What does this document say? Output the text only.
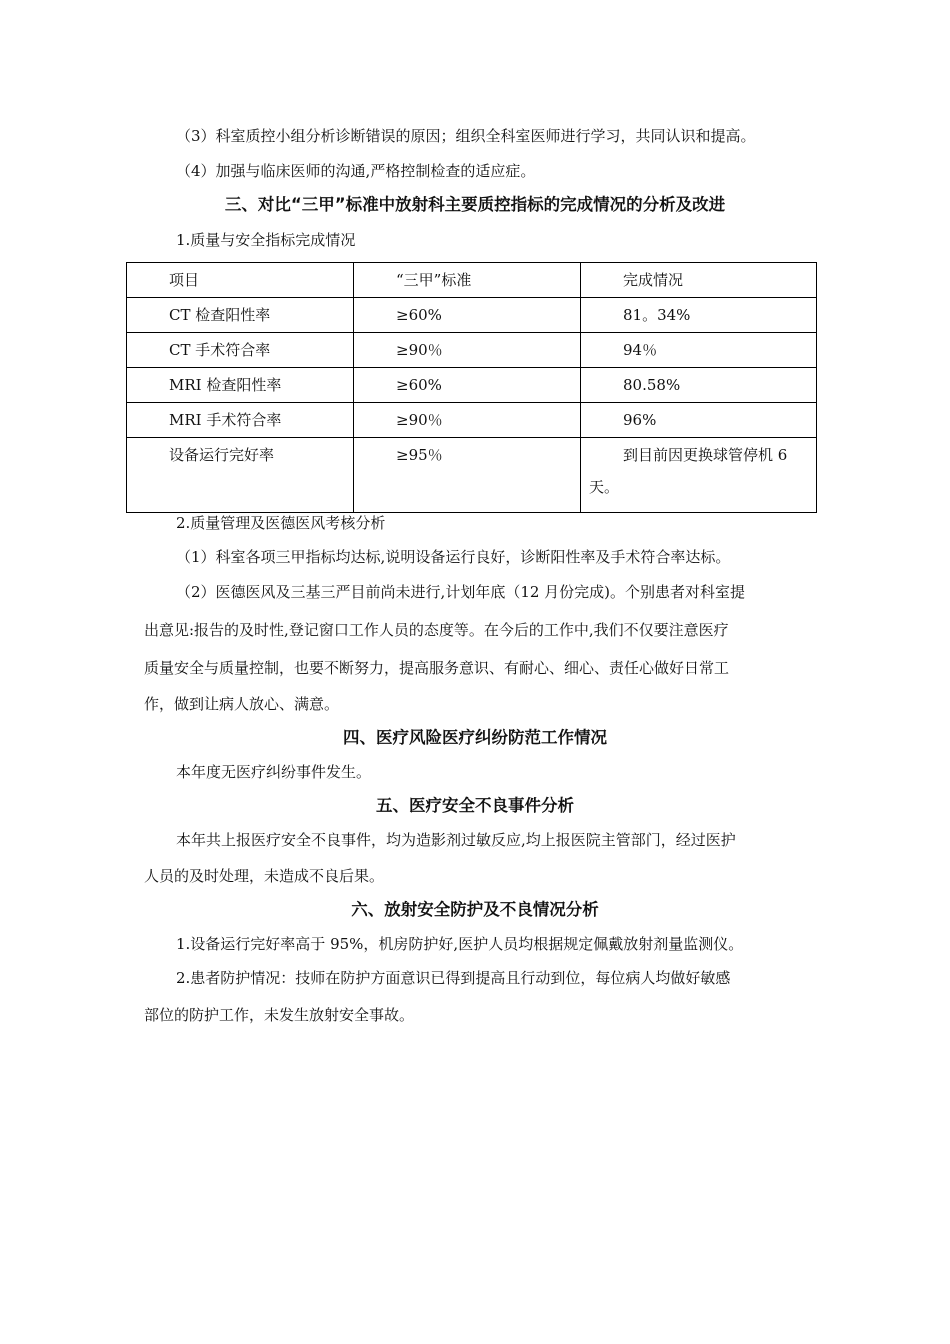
（3）科室质控小组分析诊断错误的原因；组织全科室医师进行学习，共同认识和提高。
（4）加强与临床医师的沟通,严格控制检查的适应症。
三、对比“三甲”标准中放射科主要质控指标的完成情况的分析及改进
1.质量与安全指标完成情况
项目	“三甲”标准	完成情况

CT 检查阳性率	≥60%	81。34%

CT 手术符合率	≥90％	94％

MRI 检查阳性率	≥60%	80.58%

MRI 手术符合率	≥90％	96%

设备运行完好率	≥95％	到目前因更换球管停机 6
天。
2.质量管理及医德医风考核分析
（1）科室各项三甲指标均达标,说明设备运行良好，诊断阳性率及手术符合率达标。
（2）医德医风及三基三严目前尚未进行,计划年底（12 月份完成)。个别患者对科室提
出意见:报告的及时性,登记窗口工作人员的态度等。在今后的工作中,我们不仅要注意医疗
质量安全与质量控制，也要不断努力，提高服务意识、有耐心、细心、责任心做好日常工
作，做到让病人放心、满意。
四、医疗风险医疗纠纷防范工作情况
本年度无医疗纠纷事件发生。
五、医疗安全不良事件分析
本年共上报医疗安全不良事件，均为造影剂过敏反应,均上报医院主管部门，经过医护
人员的及时处理，未造成不良后果。
六、放射安全防护及不良情况分析
1.设备运行完好率高于 95%，机房防护好,医护人员均根据规定佩戴放射剂量监测仪。
2.患者防护情况：技师在防护方面意识已得到提高且行动到位，每位病人均做好敏感
部位的防护工作，未发生放射安全事故。
